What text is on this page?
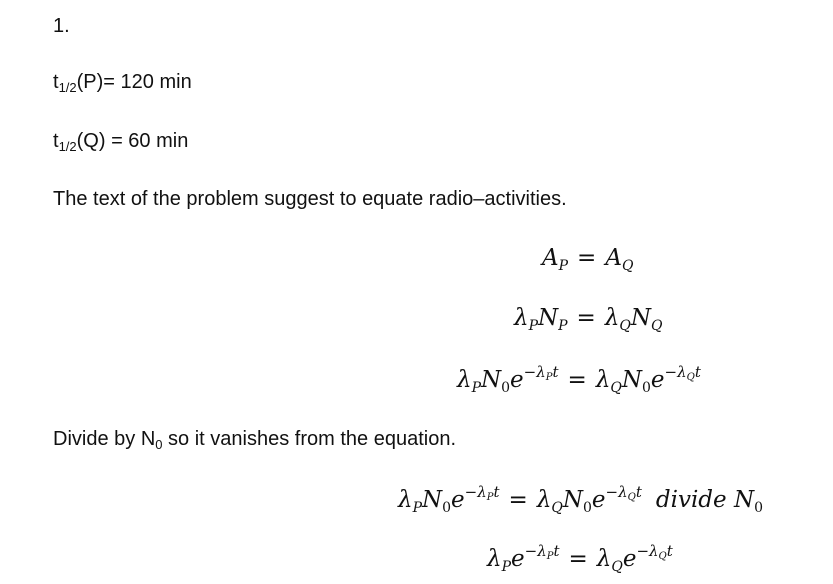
1.
$t_{1/2}(P)= 120$ min
$t_{1/2}(Q) = 60$ min
The text of the problem suggest to equate radio–activities.
$A_P = A_Q$
$\lambda_PN_P = \lambda_QN_Q$
$\lambda_PN_0e^{-\lambda_Pt} = \lambda_QN_0e^{-\lambda_Qt}$
Divide by $N_0$ so it vanishes from the equation.
$\lambda_PN_0e^{-\lambda_Pt} = \lambda_QN_0e^{-\lambda_Qt}$ divide $N_0$
$\lambda_Pe^{-\lambda_Pt} = \lambda_Qe^{-\lambda_Qt}$
